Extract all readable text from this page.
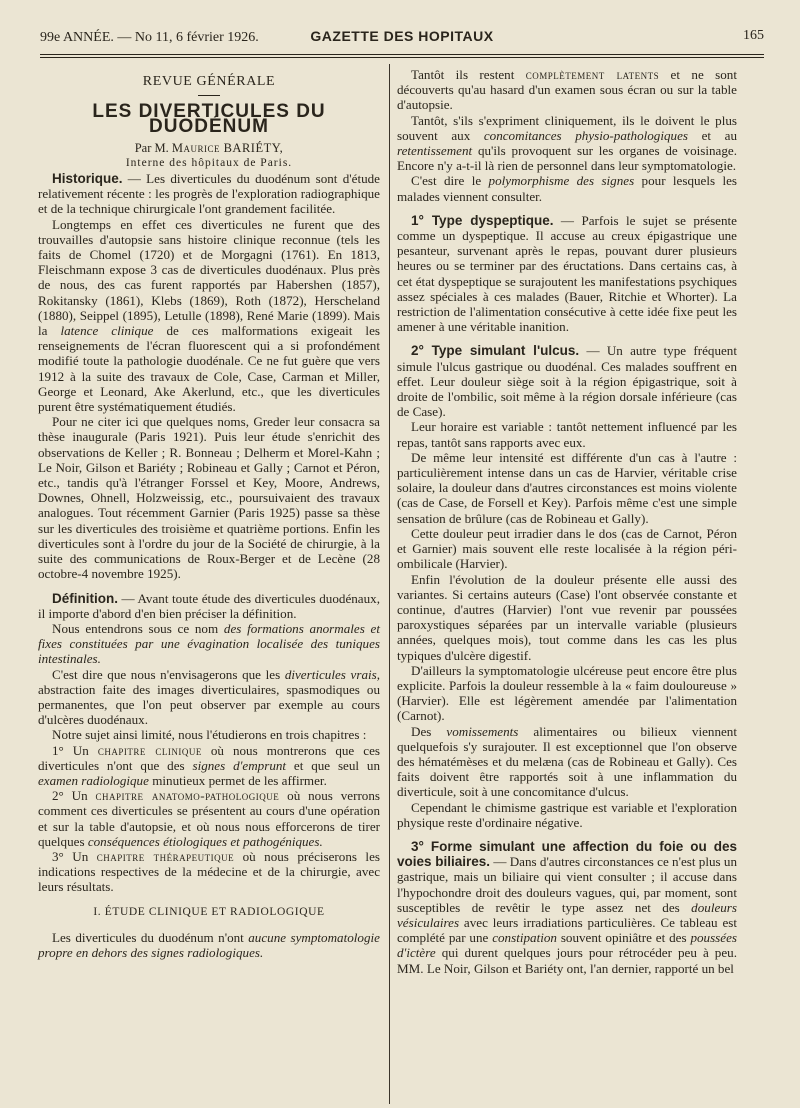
99e ANNÉE. — No 11, 6 février 1926.	GAZETTE DES HOPITAUX	165
REVUE GÉNÉRALE
LES DIVERTICULES DU DUODÉNUM

Par M. Maurice BARIÉTY,

Interne des hôpitaux de Paris.

Historique. — Les diverticules du duodénum sont d'étude relativement récente : les progrès de l'exploration radiographique et de la technique chirurgicale l'ont grandement facilitée.

Longtemps en effet ces diverticules ne furent que des trouvailles d'autopsie sans histoire clinique reconnue (tels les faits de Chomel (1720) et de Morgagni (1761). En 1813, Fleischmann expose 3 cas de diverticules duodénaux. Plus près de nous, des cas furent rapportés par Habershen (1857), Rokitansky (1861), Klebs (1869), Roth (1872), Herscheland (1880), Seippel (1895), Letulle (1898), René Marie (1899). Mais la latence clinique de ces malformations exigeait les renseignements de l'écran fluorescent qui a si profondément modifié toute la pathologie duodénale. Ce ne fut guère que vers 1912 à la suite des travaux de Cole, Case, Carman et Miller, George et Leonard, Ake Akerlund, etc., que les diverticules purent être systématiquement étudiés.

Pour ne citer ici que quelques noms, Greder leur consacra sa thèse inaugurale (Paris 1921). Puis leur étude s'enrichit des observations de Keller ; R. Bonneau ; Delherm et Morel-Kahn ; Le Noir, Gilson et Bariéty ; Robineau et Gally ; Carnot et Péron, etc., tandis qu'à l'étranger Forssel et Key, Moore, Andrews, Downes, Ohnell, Holzweissig, etc., poursuivaient des travaux analogues. Tout récemment Garnier (Paris 1925) passe sa thèse sur les diverticules des troisième et quatrième portions. Enfin les diverticules sont à l'ordre du jour de la Société de chirurgie, à la suite des communications de Roux-Berger et de Lecène (28 octobre-4 novembre 1925).

Définition. — Avant toute étude des diverticules duodénaux, il importe d'abord d'en bien préciser la définition.

Nous entendrons sous ce nom des formations anormales et fixes constituées par une évagination localisée des tuniques intestinales.

C'est dire que nous n'envisagerons que les diverticules vrais, abstraction faite des images diverticulaires, spasmodiques ou permanentes, que l'on peut observer par exemple au cours d'ulcères duodénaux.

Notre sujet ainsi limité, nous l'étudierons en trois chapitres :

1° Un chapitre clinique où nous montrerons que ces diverticules n'ont que des signes d'emprunt et que seul un examen radiologique minutieux permet de les affirmer.

2° Un chapitre anatomo-pathologique où nous verrons comment ces diverticules se présentent au cours d'une opération et sur la table d'autopsie, et où nous nous efforcerons de tirer quelques conséquences étiologiques et pathogéniques.

3° Un chapitre thérapeutique où nous préciserons les indications respectives de la médecine et de la chirurgie, avec leurs résultats.

I. ÉTUDE CLINIQUE ET RADIOLOGIQUE

Les diverticules du duodénum n'ont aucune symptomatologie propre en dehors des signes radiologiques.

Tantôt ils restent complètement latents et ne sont découverts qu'au hasard d'un examen sous écran ou sur la table d'autopsie.

Tantôt, s'ils s'expriment cliniquement, ils le doivent le plus souvent aux concomitances physio-pathologiques et au retentissement qu'ils provoquent sur les organes de voisinage. Encore n'y a-t-il là rien de personnel dans leur symptomatologie.

C'est dire le polymorphisme des signes pour lesquels les malades viennent consulter.

1° Type dyspeptique. — Parfois le sujet se présente comme un dyspeptique. Il accuse au creux épigastrique une pesanteur, survenant après le repas, pouvant durer plusieurs heures ou se terminer par des éructations. Dans certains cas, à cet état dyspeptique se surajoutent les manifestations psychiques assez spéciales à ces malades (Bauer, Ritchie et Whorter). La restriction de l'alimentation consécutive à cette idée fixe peut les amener à une véritable inanition.

2° Type simulant l'ulcus. — Un autre type fréquent simule l'ulcus gastrique ou duodénal. Ces malades souffrent en effet. Leur douleur siège soit à la région épigastrique, soit à droite de l'ombilic, soit même à la région dorsale inférieure (cas de Case).

Leur horaire est variable : tantôt nettement influencé par les repas, tantôt sans rapports avec eux.

De même leur intensité est différente d'un cas à l'autre : particulièrement intense dans un cas de Harvier, véritable crise solaire, la douleur dans d'autres circonstances est moins violente (cas de Case, de Forsell et Key). Parfois même c'est une simple sensation de brûlure (cas de Robineau et Gally).

Cette douleur peut irradier dans le dos (cas de Carnot, Péron et Garnier) mais souvent elle reste localisée à la région péri-ombilicale (Harvier).

Enfin l'évolution de la douleur présente elle aussi des variantes. Si certains auteurs (Case) l'ont observée constante et continue, d'autres (Harvier) l'ont vue revenir par poussées paroxystiques séparées par un intervalle variable (plusieurs années, quelques mois), tout comme dans les cas les plus typiques d'ulcère digestif.

D'ailleurs la symptomatologie ulcéreuse peut encore être plus explicite. Parfois la douleur ressemble à la « faim douloureuse » (Harvier). Elle est légèrement amendée par l'alimentation (Carnot).

Des vomissements alimentaires ou bilieux viennent quelquefois s'y surajouter. Il est exceptionnel que l'on observe des hématémèses et du melæna (cas de Robineau et Gally). Ces faits doivent être rapportés soit à une inflammation du diverticule, soit à une concomitance d'ulcus.

Cependant le chimisme gastrique est variable et l'exploration physique reste d'ordinaire négative.

3° Forme simulant une affection du foie ou des voies biliaires. — Dans d'autres circonstances ce n'est plus un gastrique, mais un biliaire qui vient consulter ; il accuse dans l'hypochondre droit des douleurs vagues, qui, par moment, sont susceptibles de revêtir le type assez net des douleurs vésiculaires avec leurs irradiations particulières. Ce tableau est complété par une constipation souvent opiniâtre et des poussées d'ictère qui durent quelques jours pour rétrocéder peu à peu. MM. Le Noir, Gilson et Bariéty ont, l'an dernier, rapporté un bel
